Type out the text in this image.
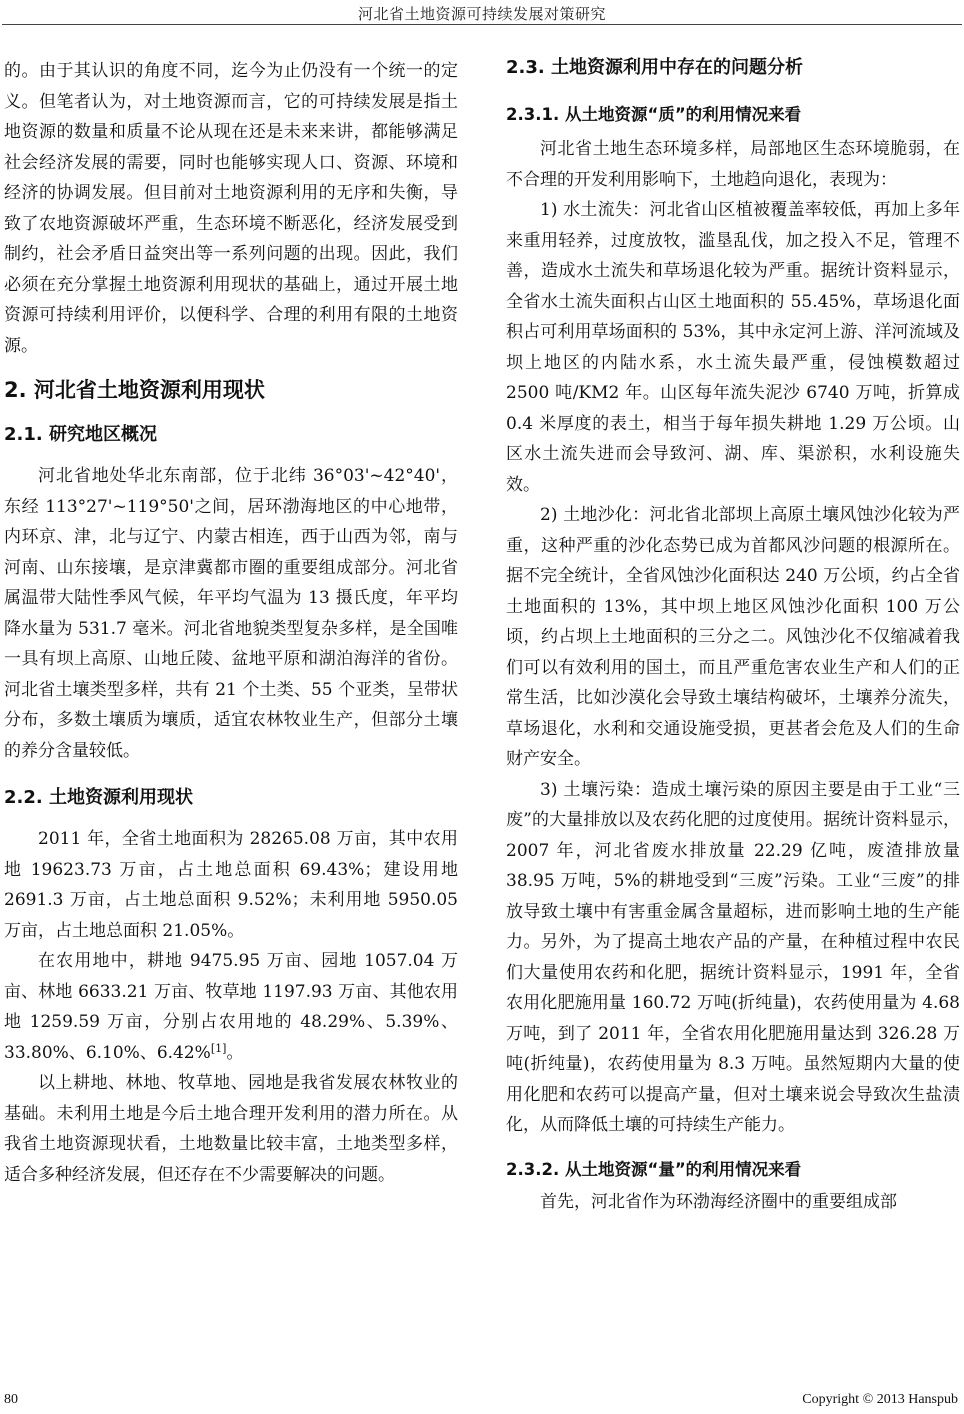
河北省土地资源可持续发展对策研究

的。由于其认识的角度不同，迄今为止仍没有一个统一的定义。但笔者认为，对土地资源而言，它的可持续发展是指土地资源的数量和质量不论从现在还是未来来讲，都能够满足社会经济发展的需要，同时也能够实现人口、资源、环境和经济的协调发展。但目前对土地资源利用的无序和失衡，导致了农地资源破坏严重，生态环境不断恶化，经济发展受到制约，社会矛盾日益突出等一系列问题的出现。因此，我们必须在充分掌握土地资源利用现状的基础上，通过开展土地资源可持续利用评价，以便科学、合理的利用有限的土地资源。

2. 河北省土地资源利用现状
2.1. 研究地区概况

河北省地处华北东南部，位于北纬 36°03'~42°40'，东经 113°27'~119°50'之间，居环渤海地区的中心地带，内环京、津，北与辽宁、内蒙古相连，西于山西为邻，南与河南、山东接壤，是京津冀都市圈的重要组成部分。河北省属温带大陆性季风气候，年平均气温为 13 摄氏度，年平均降水量为 531.7 毫米。河北省地貌类型复杂多样，是全国唯一具有坝上高原、山地丘陵、盆地平原和湖泊海洋的省份。河北省土壤类型多样，共有 21 个土类、55 个亚类，呈带状分布，多数土壤质为壤质，适宜农林牧业生产，但部分土壤的养分含量较低。

2.2. 土地资源利用现状

2011 年，全省土地面积为 28265.08 万亩，其中农用地 19623.73 万亩，占土地总面积 69.43%；建设用地 2691.3 万亩，占土地总面积 9.52%；未利用地 5950.05 万亩，占土地总面积 21.05%。

在农用地中，耕地 9475.95 万亩、园地 1057.04 万亩、林地 6633.21 万亩、牧草地 1197.93 万亩、其他农用地 1259.59 万亩，分别占农用地的 48.29%、5.39%、33.80%、6.10%、6.42%[1]。

以上耕地、林地、牧草地、园地是我省发展农林牧业的基础。未利用土地是今后土地合理开发利用的潜力所在。从我省土地资源现状看，土地数量比较丰富，土地类型多样，适合多种经济发展，但还存在不少需要解决的问题。

2.3. 土地资源利用中存在的问题分析
2.3.1. 从土地资源“质”的利用情况来看

河北省土地生态环境多样，局部地区生态环境脆弱，在不合理的开发利用影响下，土地趋向退化，表现为：

1) 水土流失：河北省山区植被覆盖率较低，再加上多年来重用轻养，过度放牧，滥垦乱伐，加之投入不足，管理不善，造成水土流失和草场退化较为严重。据统计资料显示，全省水土流失面积占山区土地面积的 55.45%，草场退化面积占可利用草场面积的 53%，其中永定河上游、洋河流域及坝上地区的内陆水系，水土流失最严重，侵蚀模数超过 2500 吨/KM2 年。山区每年流失泥沙 6740 万吨，折算成 0.4 米厚度的表土，相当于每年损失耕地 1.29 万公顷。山区水土流失进而会导致河、湖、库、渠淤积，水利设施失效。

2) 土地沙化：河北省北部坝上高原土壤风蚀沙化较为严重，这种严重的沙化态势已成为首都风沙问题的根源所在。据不完全统计，全省风蚀沙化面积达 240 万公顷，约占全省土地面积的 13%，其中坝上地区风蚀沙化面积 100 万公顷，约占坝上土地面积的三分之二。风蚀沙化不仅缩减着我们可以有效利用的国土，而且严重危害农业生产和人们的正常生活，比如沙漠化会导致土壤结构破坏，土壤养分流失，草场退化，水利和交通设施受损，更甚者会危及人们的生命财产安全。

3) 土壤污染：造成土壤污染的原因主要是由于工业“三废”的大量排放以及农药化肥的过度使用。据统计资料显示，2007 年，河北省废水排放量 22.29 亿吨，废渣排放量 38.95 万吨，5%的耕地受到“三废”污染。工业“三废”的排放导致土壤中有害重金属含量超标，进而影响土地的生产能力。另外，为了提高土地农产品的产量，在种植过程中农民们大量使用农药和化肥，据统计资料显示，1991 年，全省农用化肥施用量 160.72 万吨(折纯量)，农药使用量为 4.68 万吨，到了 2011 年，全省农用化肥施用量达到 326.28 万吨(折纯量)，农药使用量为 8.3 万吨。虽然短期内大量的使用化肥和农药可以提高产量，但对土壤来说会导致次生盐渍化，从而降低土壤的可持续生产能力。

2.3.2. 从土地资源“量”的利用情况来看

首先，河北省作为环渤海经济圈中的重要组成部

80	Copyright © 2013 Hanspub
